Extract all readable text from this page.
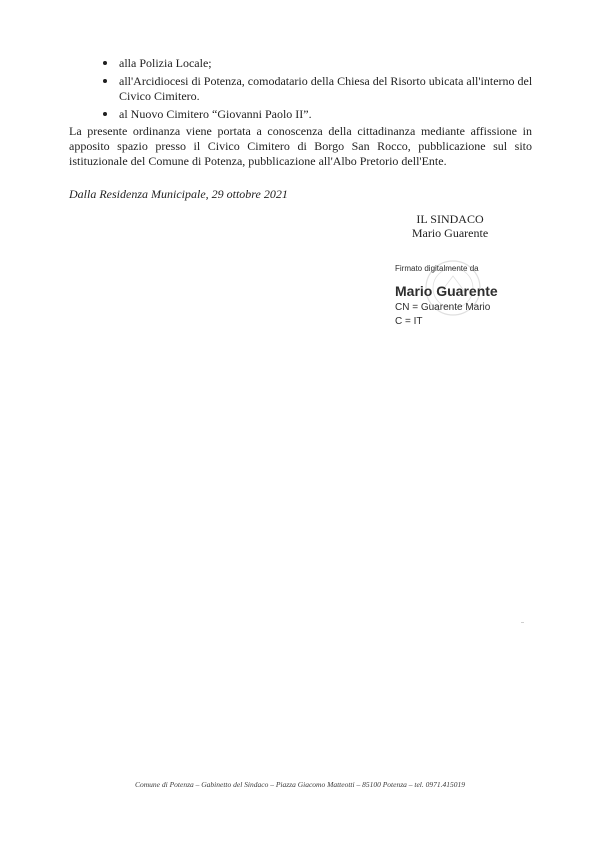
alla Polizia Locale;
all'Arcidiocesi di Potenza, comodatario della Chiesa del Risorto ubicata all'interno del Civico Cimitero.
al Nuovo Cimitero “Giovanni Paolo II”.

La presente ordinanza viene portata a conoscenza della cittadinanza mediante affissione in apposito spazio presso il Civico Cimitero di Borgo San Rocco, pubblicazione sul sito istituzionale del Comune di Potenza, pubblicazione all'Albo Pretorio dell'Ente.

Dalla Residenza Municipale, 29 ottobre 2021

IL SINDACO
Mario Guarente
Firmato digitalmente da
Mario Guarente
CN = Guarente Mario
C = IT

Comune di Potenza – Gabinetto del Sindaco – Piazza Giacomo Matteotti – 85100 Potenza – tel. 0971.415019
